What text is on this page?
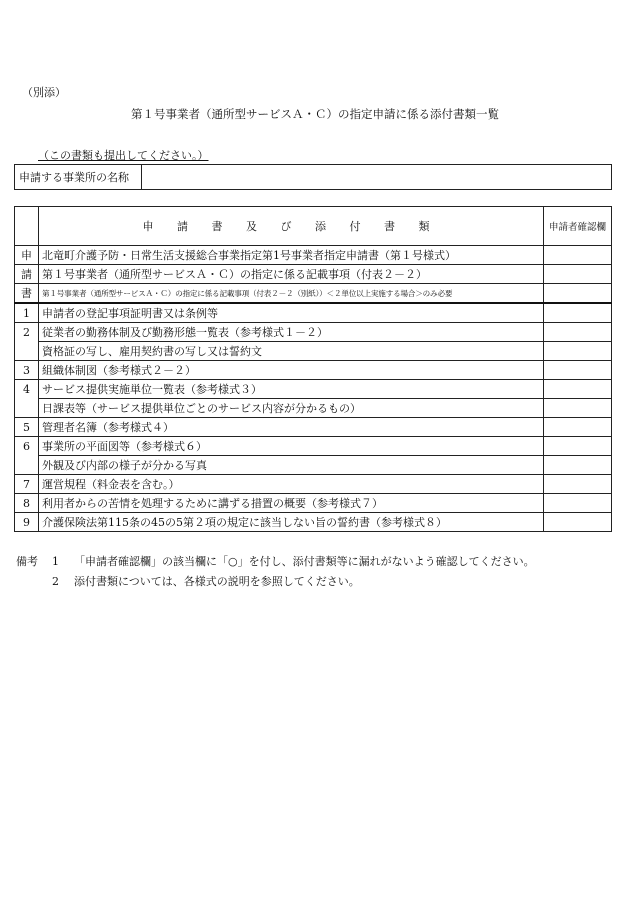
（別添）
第１号事業者（通所型サービスＡ・Ｃ）の指定申請に係る添付書類一覧
（この書類も提出してください。）
申請する事業所の名称	
	申 請 書 及 び 添 付 書 類	申請者確認欄
申	北竜町介護予防・日常生活支援総合事業指定第1号事業者指定申請書（第１号様式）	
請	第１号事業者（通所型サービスＡ・Ｃ）の指定に係る記載事項（付表２－２）	
書	第１号事業者（通所型サービスＡ・Ｃ）の指定に係る記載事項（付表２－２（別紙））＜２単位以上実施する場合＞のみ必要	
1	申請者の登記事項証明書又は条例等	
2	従業者の勤務体制及び勤務形態一覧表（参考様式１－２）	
	資格証の写し、雇用契約書の写し又は誓約文	
3	組織体制図（参考様式２－２）	
4	サービス提供実施単位一覧表（参考様式３）	
	日課表等（サービス提供単位ごとのサービス内容が分かるもの）	
5	管理者名簿（参考様式４）	
6	事業所の平面図等（参考様式６）	
	外観及び内部の様子が分かる写真	
7	運営規程（料金表を含む。）	
8	利用者からの苦情を処理するために講ずる措置の概要（参考様式７）	
9	介護保険法第115条の45の5第２項の規定に該当しない旨の誓約書（参考様式８）	
備考	1	「申請者確認欄」の該当欄に「○」を付し、添付書類等に漏れがないよう確認してください。
2	添付書類については、各様式の説明を参照してください。
